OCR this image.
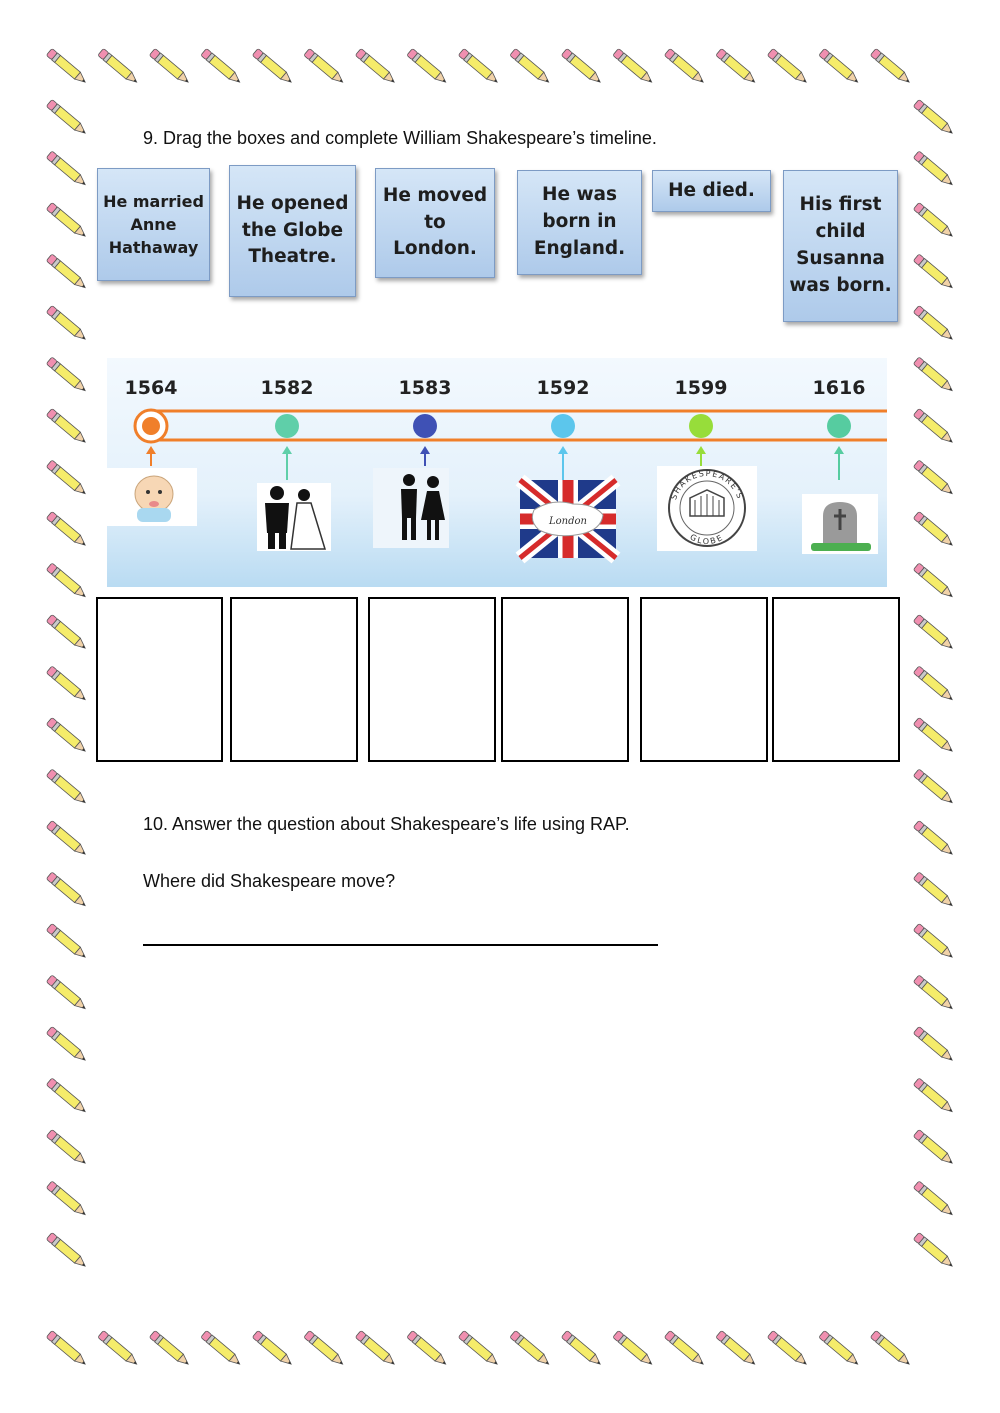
9. Drag the boxes and complete William Shakespeare’s timeline.

He married Anne Hathaway
He opened the Globe Theatre.
He moved to London.
He was born in England.
He died.
His first child Susanna was born.
1564	1582	1583	1592	1599	1616
London
SHAKESPEARE'S
GLOBE

10. Answer the question about Shakespeare’s life using RAP.

Where did Shakespeare move?
